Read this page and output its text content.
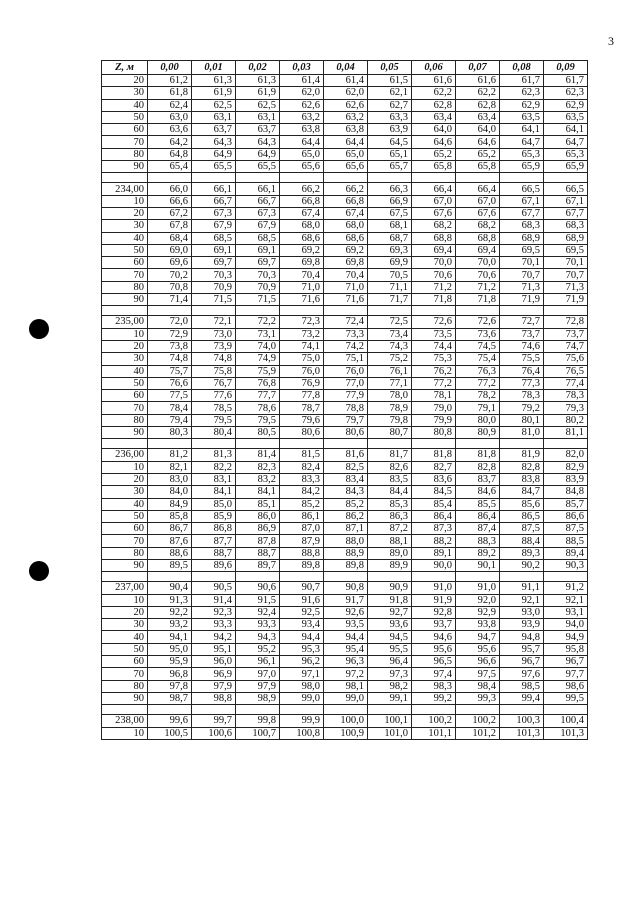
3
Z, м	0,00	0,01	0,02	0,03	0,04	0,05	0,06	0,07	0,08	0,09
20	61,2	61,3	61,3	61,4	61,4	61,5	61,6	61,6	61,7	61,7
30	61,8	61,9	61,9	62,0	62,0	62,1	62,2	62,2	62,3	62,3
40	62,4	62,5	62,5	62,6	62,6	62,7	62,8	62,8	62,9	62,9
50	63,0	63,1	63,1	63,2	63,2	63,3	63,4	63,4	63,5	63,5
60	63,6	63,7	63,7	63,8	63,8	63,9	64,0	64,0	64,1	64,1
70	64,2	64,3	64,3	64,4	64,4	64,5	64,6	64,6	64,7	64,7
80	64,8	64,9	64,9	65,0	65,0	65,1	65,2	65,2	65,3	65,3
90	65,4	65,5	65,5	65,6	65,6	65,7	65,8	65,8	65,9	65,9

234,00	66,0	66,1	66,1	66,2	66,2	66,3	66,4	66,4	66,5	66,5
10	66,6	66,7	66,7	66,8	66,8	66,9	67,0	67,0	67,1	67,1
20	67,2	67,3	67,3	67,4	67,4	67,5	67,6	67,6	67,7	67,7
30	67,8	67,9	67,9	68,0	68,0	68,1	68,2	68,2	68,3	68,3
40	68,4	68,5	68,5	68,6	68,6	68,7	68,8	68,8	68,9	68,9
50	69,0	69,1	69,1	69,2	69,2	69,3	69,4	69,4	69,5	69,5
60	69,6	69,7	69,7	69,8	69,8	69,9	70,0	70,0	70,1	70,1
70	70,2	70,3	70,3	70,4	70,4	70,5	70,6	70,6	70,7	70,7
80	70,8	70,9	70,9	71,0	71,0	71,1	71,2	71,2	71,3	71,3
90	71,4	71,5	71,5	71,6	71,6	71,7	71,8	71,8	71,9	71,9

235,00	72,0	72,1	72,2	72,3	72,4	72,5	72,6	72,6	72,7	72,8
10	72,9	73,0	73,1	73,2	73,3	73,4	73,5	73,6	73,7	73,7
20	73,8	73,9	74,0	74,1	74,2	74,3	74,4	74,5	74,6	74,7
30	74,8	74,8	74,9	75,0	75,1	75,2	75,3	75,4	75,5	75,6
40	75,7	75,8	75,9	76,0	76,0	76,1	76,2	76,3	76,4	76,5
50	76,6	76,7	76,8	76,9	77,0	77,1	77,2	77,2	77,3	77,4
60	77,5	77,6	77,7	77,8	77,9	78,0	78,1	78,2	78,3	78,3
70	78,4	78,5	78,6	78,7	78,8	78,9	79,0	79,1	79,2	79,3
80	79,4	79,5	79,5	79,6	79,7	79,8	79,9	80,0	80,1	80,2
90	80,3	80,4	80,5	80,6	80,6	80,7	80,8	80,9	81,0	81,1

236,00	81,2	81,3	81,4	81,5	81,6	81,7	81,8	81,8	81,9	82,0
10	82,1	82,2	82,3	82,4	82,5	82,6	82,7	82,8	82,8	82,9
20	83,0	83,1	83,2	83,3	83,4	83,5	83,6	83,7	83,8	83,9
30	84,0	84,1	84,1	84,2	84,3	84,4	84,5	84,6	84,7	84,8
40	84,9	85,0	85,1	85,2	85,2	85,3	85,4	85,5	85,6	85,7
50	85,8	85,9	86,0	86,1	86,2	86,3	86,4	86,4	86,5	86,6
60	86,7	86,8	86,9	87,0	87,1	87,2	87,3	87,4	87,5	87,5
70	87,6	87,7	87,8	87,9	88,0	88,1	88,2	88,3	88,4	88,5
80	88,6	88,7	88,7	88,8	88,9	89,0	89,1	89,2	89,3	89,4
90	89,5	89,6	89,7	89,8	89,8	89,9	90,0	90,1	90,2	90,3

237,00	90,4	90,5	90,6	90,7	90,8	90,9	91,0	91,0	91,1	91,2
10	91,3	91,4	91,5	91,6	91,7	91,8	91,9	92,0	92,1	92,1
20	92,2	92,3	92,4	92,5	92,6	92,7	92,8	92,9	93,0	93,1
30	93,2	93,3	93,3	93,4	93,5	93,6	93,7	93,8	93,9	94,0
40	94,1	94,2	94,3	94,4	94,4	94,5	94,6	94,7	94,8	94,9
50	95,0	95,1	95,2	95,3	95,4	95,5	95,6	95,6	95,7	95,8
60	95,9	96,0	96,1	96,2	96,3	96,4	96,5	96,6	96,7	96,7
70	96,8	96,9	97,0	97,1	97,2	97,3	97,4	97,5	97,6	97,7
80	97,8	97,9	97,9	98,0	98,1	98,2	98,3	98,4	98,5	98,6
90	98,7	98,8	98,9	99,0	99,0	99,1	99,2	99,3	99,4	99,5

238,00	99,6	99,7	99,8	99,9	100,0	100,1	100,2	100,2	100,3	100,4
10	100,5	100,6	100,7	100,8	100,9	101,0	101,1	101,2	101,3	101,3
